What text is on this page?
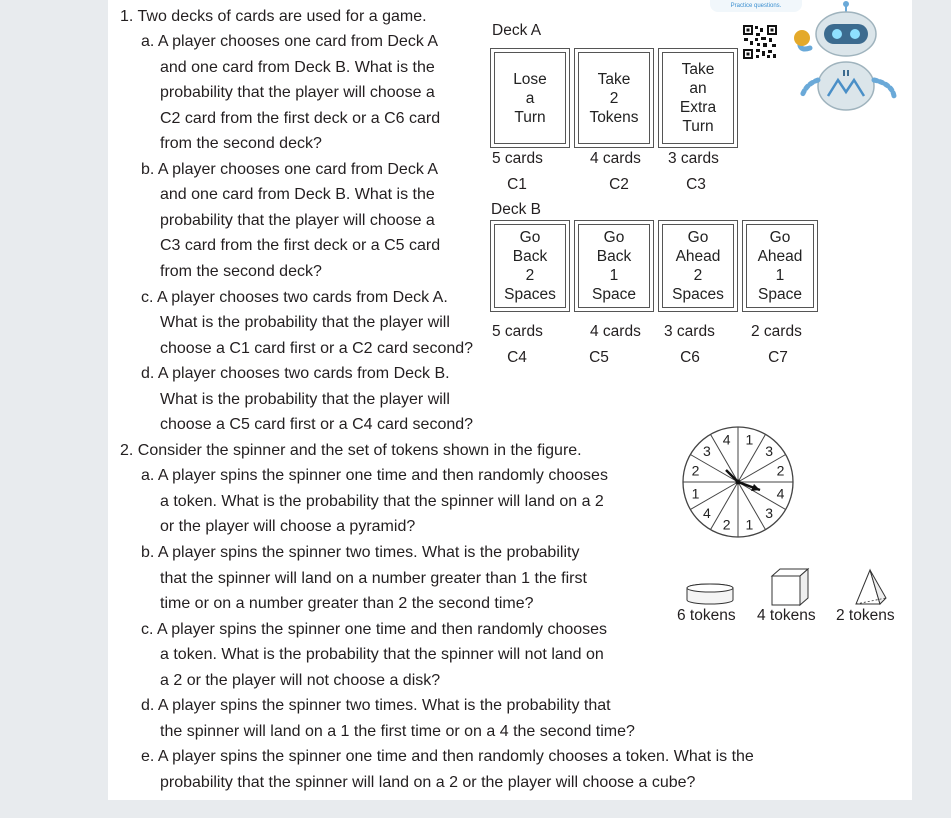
1. Two decks of cards are used for a game.
a. A player chooses one card from Deck A
and one card from Deck B. What is the
probability that the player will choose a
C2 card from the first deck or a C6 card
from the second deck?
b. A player chooses one card from Deck A
and one card from Deck B. What is the
probability that the player will choose a
C3 card from the first deck or a C5 card
from the second deck?
c. A player chooses two cards from Deck A.
What is the probability that the player will
choose a C1 card first or a C2 card second?
d. A player chooses two cards from Deck B.
What is the probability that the player will
choose a C5 card first or a C4 card second?
Deck A
Lose
a
Turn
Take
2
Tokens
Take
an
Extra
Turn
5 cards	4 cards 3 cards
C1	C2	C3
Deck B
Go
Back
2
Spaces
Go
Back
1
Space
Go
Ahead
2
Spaces
Go
Ahead
1
Space
5 cards	4 cards 3 cards 2 cards
C4	C5	C6	C7
Practice questions.
2. Consider the spinner and the set of tokens shown in the figure.
a. A player spins the spinner one time and then randomly chooses
a token. What is the probability that the spinner will land on a 2
or the player will choose a pyramid?
b. A player spins the spinner two times. What is the probability
that the spinner will land on a number greater than 1 the first
time or on a number greater than 2 the second time?
c. A player spins the spinner one time and then randomly chooses
a token. What is the probability that the spinner will not land on
a 2 or the player will not choose a disk?
d. A player spins the spinner two times. What is the probability that
the spinner will land on a 1 the first time or on a 4 the second time?
e. A player spins the spinner one time and then randomly chooses a token. What is the
probability that the spinner will land on a 2 or the player will choose a cube?
1
3
2
4
3
1
2
4
1
2
3
4
6 tokens 4 tokens 2 tokens
